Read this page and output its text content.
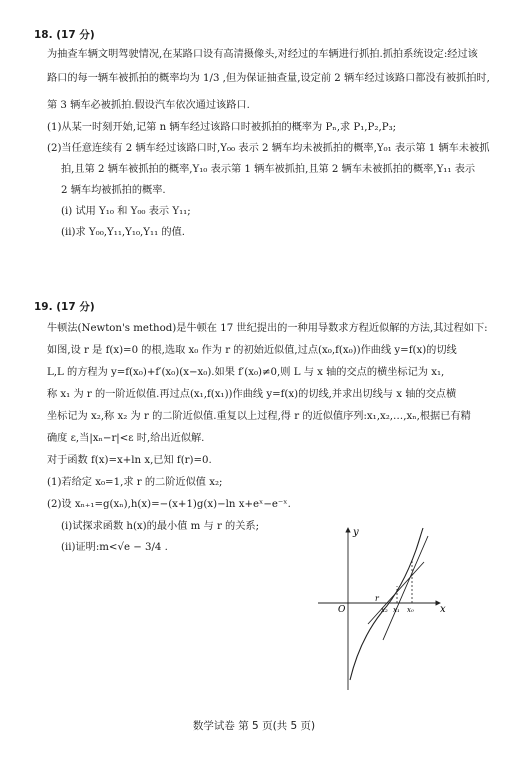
18. (17 分)
为抽查车辆文明驾驶情况,在某路口设有高清摄像头,对经过的车辆进行抓拍.抓拍系统设定:经过该
路口的每一辆车被抓拍的概率均为 1/3 ,但为保证抽查量,设定前 2 辆车经过该路口都没有被抓拍时,
第 3 辆车必被抓拍.假设汽车依次通过该路口.
(1)从某一时刻开始,记第 n 辆车经过该路口时被抓拍的概率为 Pₙ,求 P₁,P₂,P₃;
(2)当任意连续有 2 辆车经过该路口时,Y₀₀ 表示 2 辆车均未被抓拍的概率,Y₀₁ 表示第 1 辆车未被抓
拍,且第 2 辆车被抓拍的概率,Y₁₀ 表示第 1 辆车被抓拍,且第 2 辆车未被抓拍的概率,Y₁₁ 表示
2 辆车均被抓拍的概率.
(i) 试用 Y₁₀ 和 Y₀₀ 表示 Y₁₁;
(ii)求 Y₀₀,Y₁₁,Y₁₀,Y₁₁ 的值.
19. (17 分)
牛顿法(Newton's method)是牛顿在 17 世纪提出的一种用导数求方程近似解的方法,其过程如下:
如图,设 r 是 f(x)=0 的根,选取 x₀ 作为 r 的初始近似值,过点(x₀,f(x₀))作曲线 y=f(x)的切线
L,L 的方程为 y=f(x₀)+f′(x₀)(x−x₀).如果 f′(x₀)≠0,则 L 与 x 轴的交点的横坐标记为 x₁,
称 x₁ 为 r 的一阶近似值.再过点(x₁,f(x₁))作曲线 y=f(x)的切线,并求出切线与 x 轴的交点横
坐标记为 x₂,称 x₂ 为 r 的二阶近似值.重复以上过程,得 r 的近似值序列:x₁,x₂,…,xₙ,根据已有精
确度 ε,当|xₙ−r|<ε 时,给出近似解.
对于函数 f(x)=x+ln x,已知 f(r)=0.
(1)若给定 x₀=1,求 r 的二阶近似值 x₂;
(2)设 xₙ₊₁=g(xₙ),h(x)=−(x+1)g(x)−ln x+eˣ−e⁻ˣ.
(i)试探求函数 h(x)的最小值 m 与 r 的关系;
(ii)证明:m<√e − 3/4 .
y
x
O
r
x₂ x₁ x₀
数学试卷 第 5 页(共 5 页)
